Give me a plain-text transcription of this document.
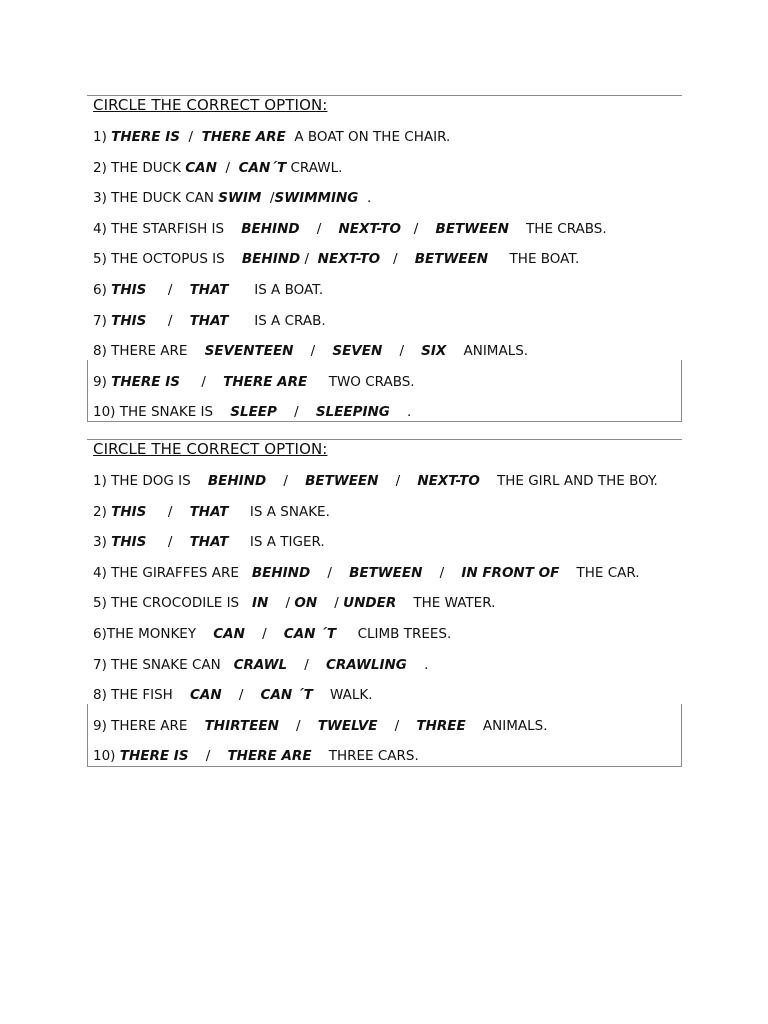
CIRCLE THE CORRECT OPTION:
1) THERE IS  /  THERE ARE  A BOAT ON THE CHAIR.
2) THE DUCK CAN  /  CAN´T CRAWL.
3) THE DUCK CAN SWIM  /SWIMMING  .
4) THE STARFISH IS    BEHIND    /    NEXT-TO   /    BETWEEN    THE CRABS.
5) THE OCTOPUS IS    BEHIND /  NEXT-TO   /    BETWEEN     THE BOAT.
6) THIS     /    THAT      IS A BOAT.
7) THIS     /    THAT      IS A CRAB.
8) THERE ARE    SEVENTEEN    /    SEVEN    /    SIX    ANIMALS.
9) THERE IS     /    THERE ARE     TWO CRABS.
10) THE SNAKE IS    SLEEP    /    SLEEPING    .
CIRCLE THE CORRECT OPTION:
1) THE DOG IS    BEHIND    /    BETWEEN    /    NEXT-TO    THE GIRL AND THE BOY.
2) THIS     /    THAT     IS A SNAKE.
3) THIS     /    THAT     IS A TIGER.
4) THE GIRAFFES ARE   BEHIND    /    BETWEEN    /    IN FRONT OF    THE CAR.
5) THE CROCODILE IS   IN    / ON    / UNDER    THE WATER.
6)THE MONKEY    CAN    /    CAN ´T     CLIMB TREES.
7) THE SNAKE CAN   CRAWL    /    CRAWLING    .
8) THE FISH    CAN    /    CAN ´T    WALK.
9) THERE ARE    THIRTEEN    /    TWELVE    /    THREE    ANIMALS.
10) THERE IS    /    THERE ARE    THREE CARS.
